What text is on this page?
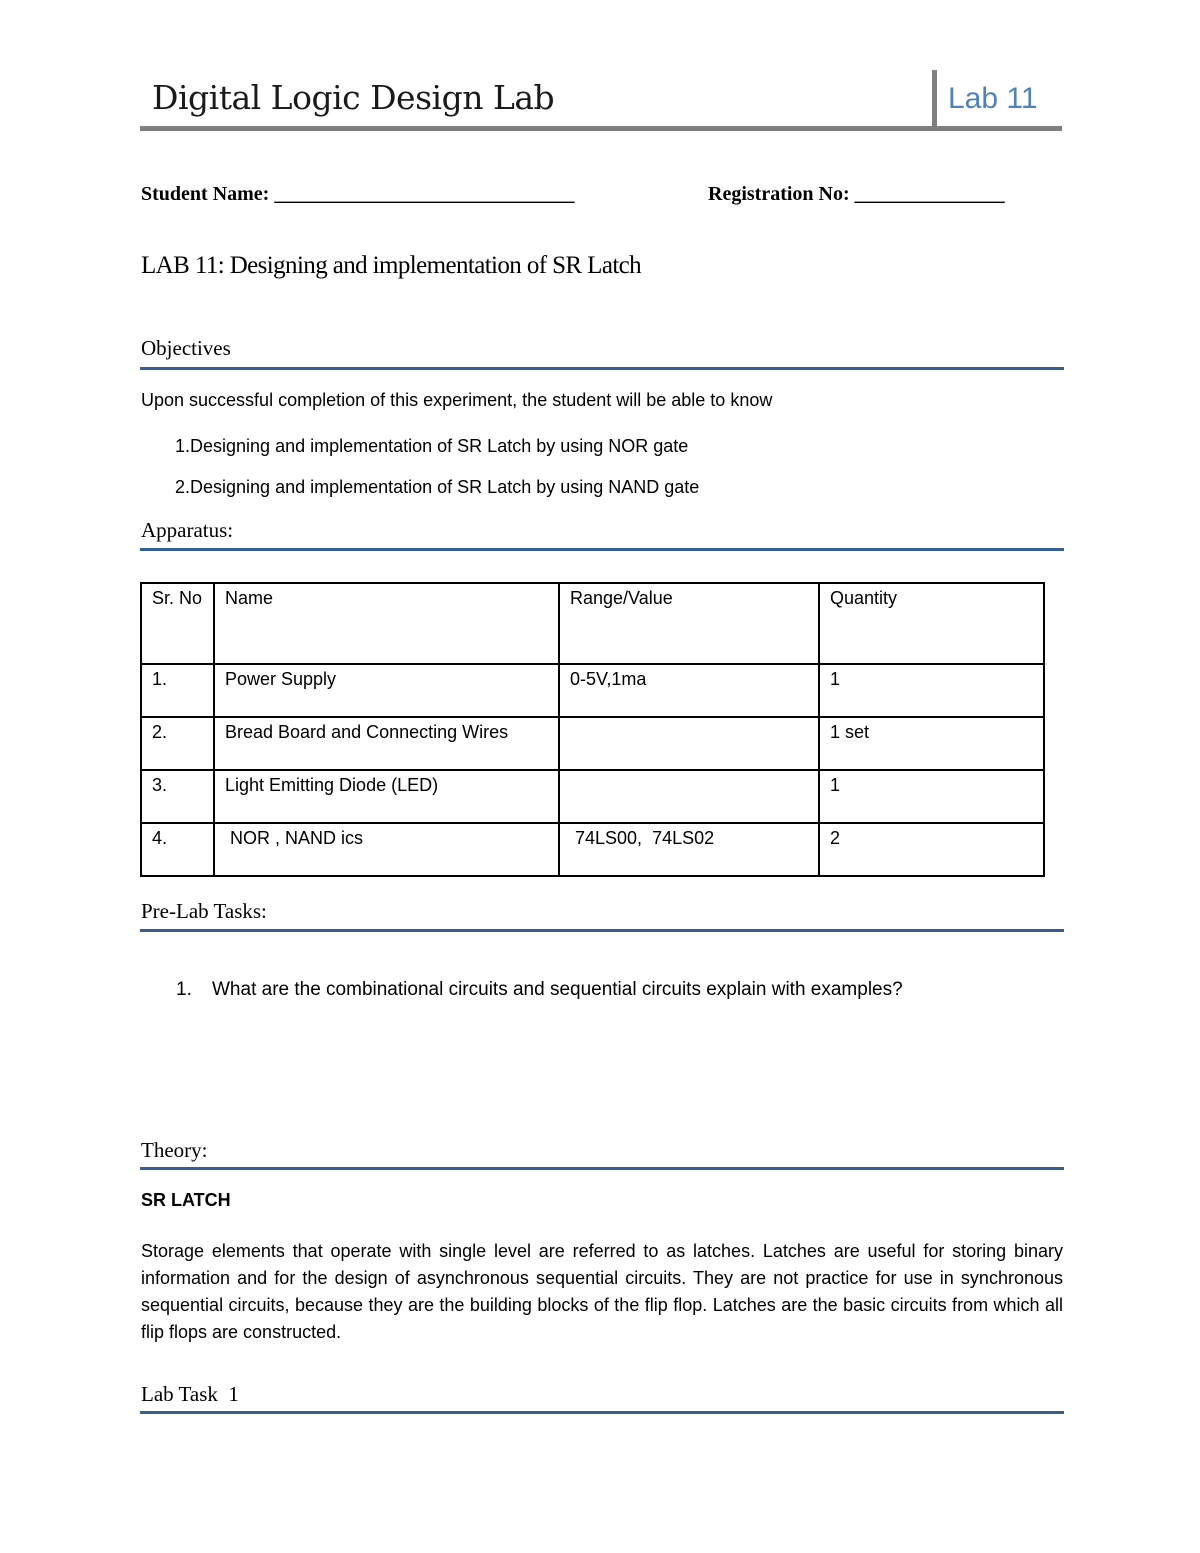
Digital Logic Design Lab	Lab 11
Student Name: ______________________________	Registration No: _______________
LAB 11: Designing and implementation of SR Latch
Objectives
Upon successful completion of this experiment, the student will be able to know
1.Designing and implementation of SR Latch by using NOR gate
2.Designing and implementation of SR Latch by using NAND gate
Apparatus:
Sr. No	Name	Range/Value	Quantity
1.	Power Supply	0-5V,1ma	1
2.	Bread Board and Connecting Wires		1 set
3.	Light Emitting Diode (LED)		1
4.	NOR , NAND ics	74LS00,  74LS02	2
Pre-Lab Tasks:
1. What are the combinational circuits and sequential circuits explain with examples?
Theory:
SR LATCH
Storage elements that operate with single level are referred to as latches. Latches are useful for storing binary information and for the design of asynchronous sequential circuits. They are not practice for use in synchronous sequential circuits, because they are the building blocks of the flip flop. Latches are the basic circuits from which all flip flops are constructed.
Lab Task  1
